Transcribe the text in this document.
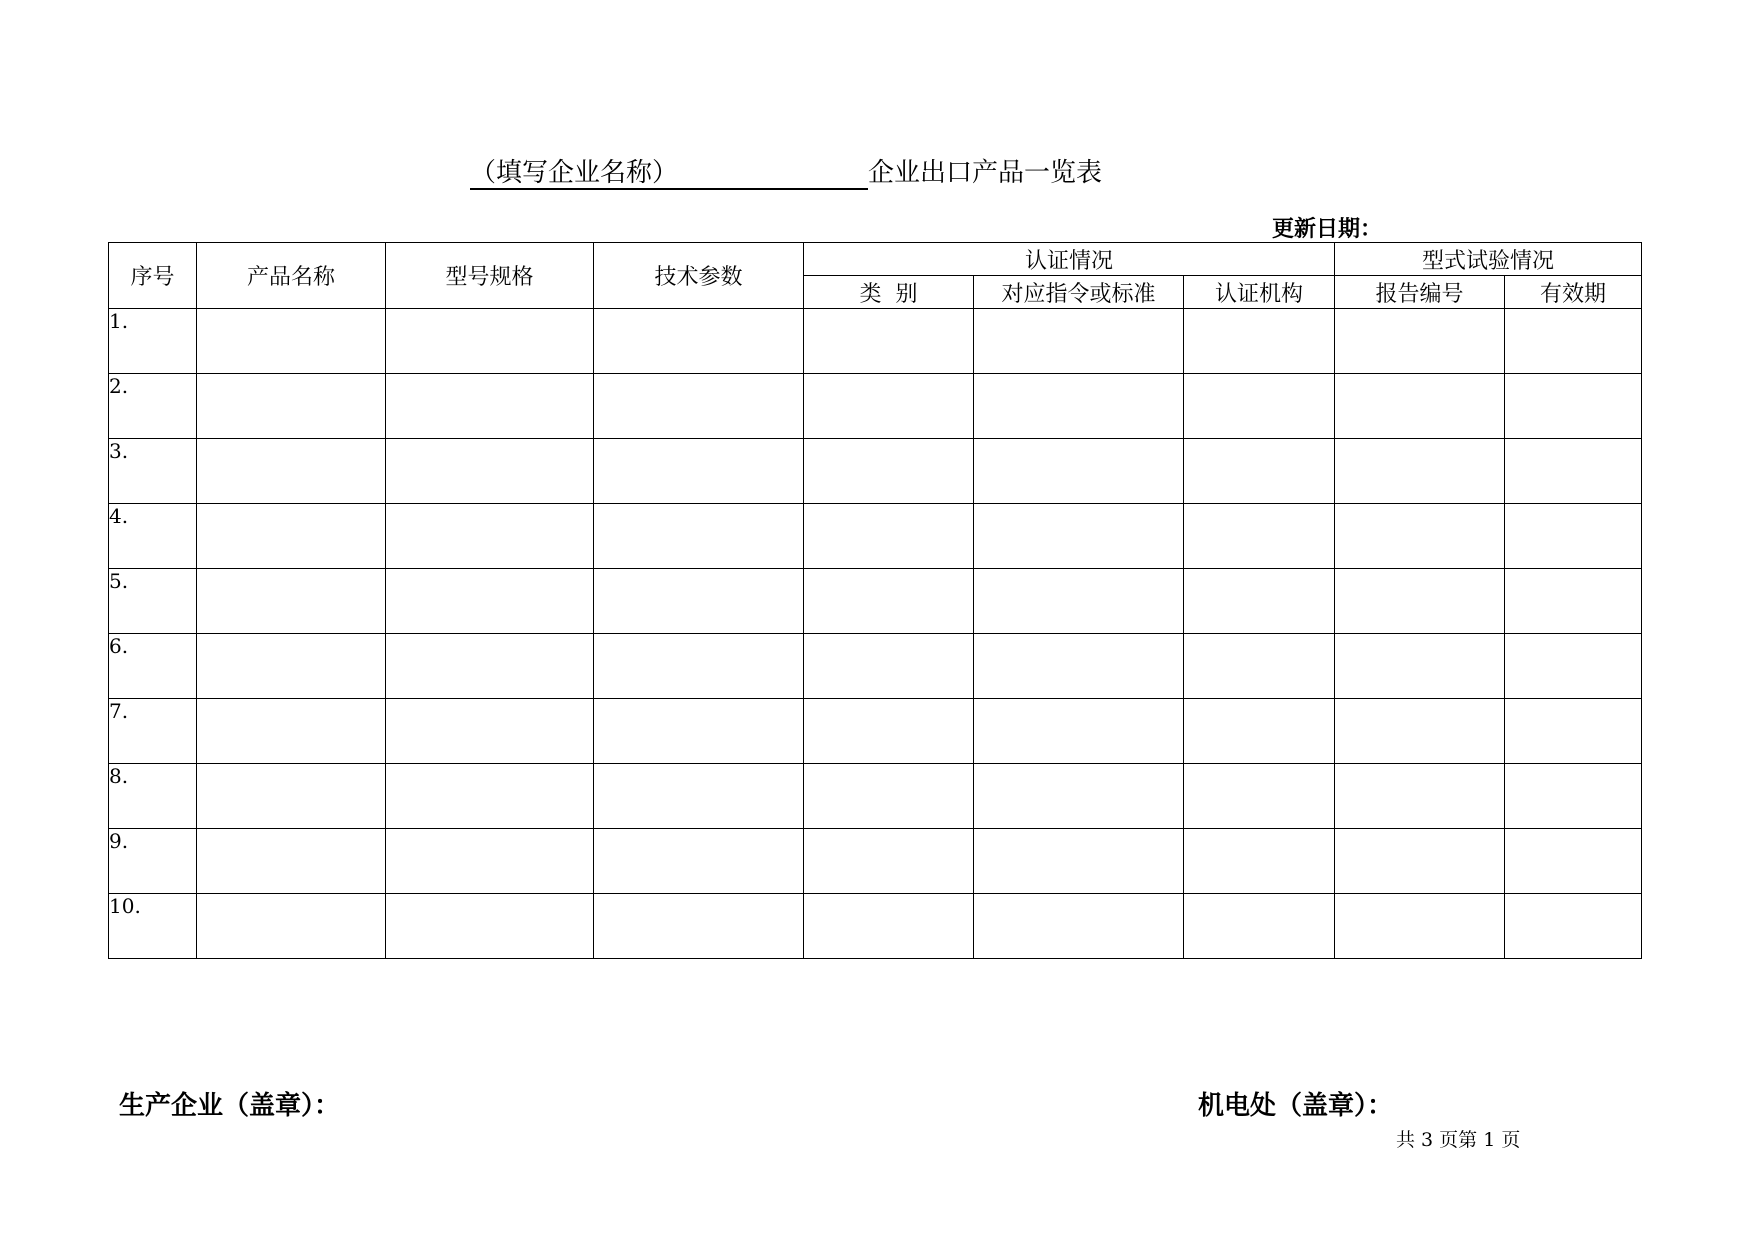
（填写企业名称）	企业出口产品一览表
更新日期：
序号	产品名称	型号规格	技术参数	认证情况			型式试验情况	
				类  别	对应指令或标准	认证机构	报告编号	有效期
1.								
2.								
3.								
4.								
5.								
6.								
7.								
8.								
9.								
10.								
生产企业（盖章）：	机电处（盖章）：
共 3 页第 1 页
